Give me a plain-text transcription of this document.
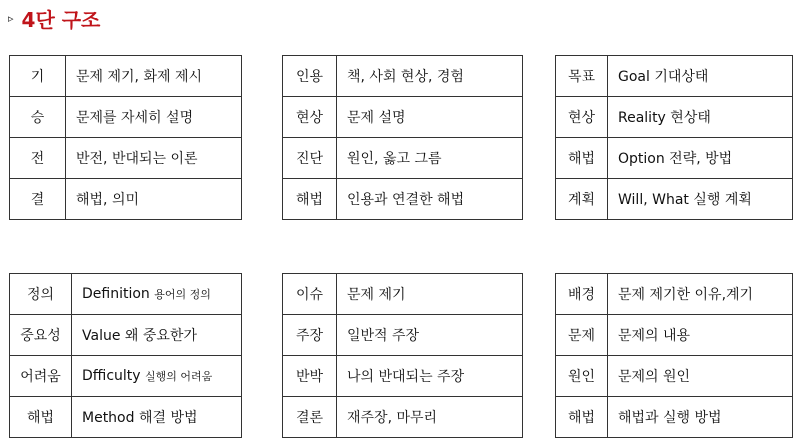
▹ 4단 구조
기	문제 제기, 화제 제시
승	문제를 자세히 설명
전	반전, 반대되는 이론
결	해법, 의미
인용	책, 사회 현상, 경험
현상	문제 설명
진단	원인, 옳고 그름
해법	인용과 연결한 해법
목표	Goal 기대상태
현상	Reality 현상태
해법	Option 전략, 방법
계획	Will, What 실행 계획
정의	Definition 용어의 정의
중요성	Value 왜 중요한가
어려움	Dfficulty 실행의 어려움
해법	Method 해결 방법
이슈	문제 제기
주장	일반적 주장
반박	나의 반대되는 주장
결론	재주장, 마무리
배경	문제 제기한 이유,계기
문제	문제의 내용
원인	문제의 원인
해법	해법과 실행 방법
